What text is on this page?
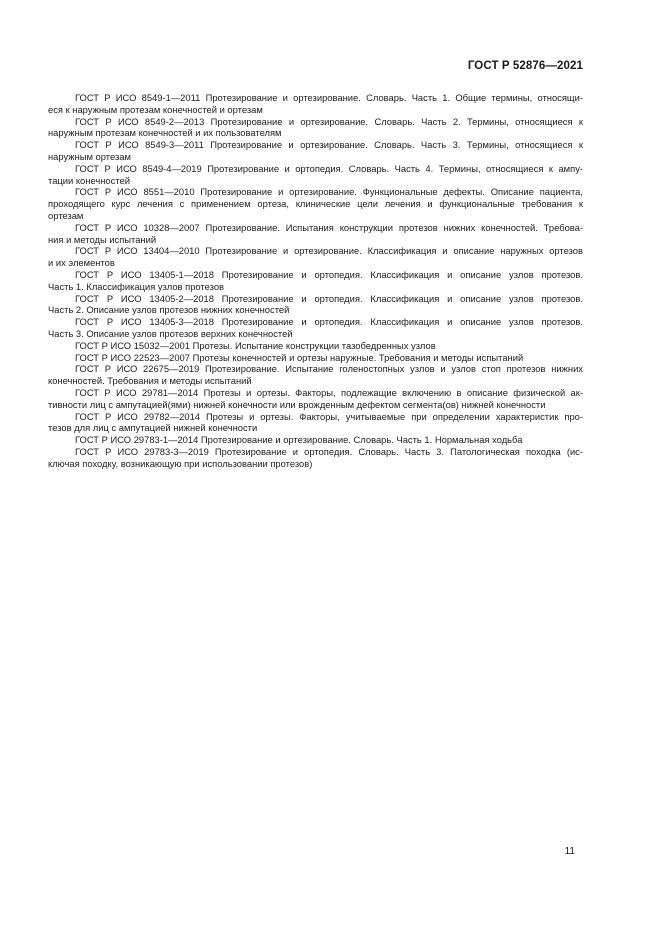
ГОСТ Р 52876—2021
ГОСТ Р ИСО 8549-1—2011 Протезирование и ортезирование. Словарь. Часть 1. Общие термины, относящи-
еся к наружным протезам конечностей и ортезам
ГОСТ Р ИСО 8549-2—2013 Протезирование и ортезирование. Словарь. Часть 2. Термины, относящиеся к
наружным протезам конечностей и их пользователям
ГОСТ Р ИСО 8549-3—2011 Протезирование и ортезирование. Словарь. Часть 3. Термины, относящиеся к
наружным ортезам
ГОСТ Р ИСО 8549-4—2019 Протезирование и ортопедия. Словарь. Часть 4. Термины, относящиеся к ампу-
тации конечностей
ГОСТ Р ИСО 8551—2010 Протезирование и ортезирование. Функциональные дефекты. Описание пациента,
проходящего курс лечения с применением ортеза, клинические цели лечения и функциональные требования к
ортезам
ГОСТ Р ИСО 10328—2007 Протезирование. Испытания конструкции протезов нижних конечностей. Требова-
ния и методы испытаний
ГОСТ Р ИСО 13404—2010 Протезирование и ортезирование. Классификация и описание наружных ортезов
и их элементов
ГОСТ Р ИСО 13405-1—2018 Протезирование и ортопедия. Классификация и описание узлов протезов.
Часть 1. Классификация узлов протезов
ГОСТ Р ИСО 13405-2—2018 Протезирование и ортопедия. Классификация и описание узлов протезов.
Часть 2. Описание узлов протезов нижних конечностей
ГОСТ Р ИСО 13405-3—2018 Протезирование и ортопедия. Классификация и описание узлов протезов.
Часть 3. Описание узлов протезов верхних конечностей
ГОСТ Р ИСО 15032—2001 Протезы. Испытание конструкции тазобедренных узлов
ГОСТ Р ИСО 22523—2007 Протезы конечностей и ортезы наружные. Требования и методы испытаний
ГОСТ Р ИСО 22675—2019 Протезирование. Испытание голеностопных узлов и узлов стоп протезов нижних
конечностей. Требования и методы испытаний
ГОСТ Р ИСО 29781—2014 Протезы и ортезы. Факторы, подлежащие включению в описание физической ак-
тивности лиц с ампутацией(ями) нижней конечности или врожденным дефектом сегмента(ов) нижней конечности
ГОСТ Р ИСО 29782—2014 Протезы и ортезы. Факторы, учитываемые при определении характеристик про-
тезов для лиц с ампутацией нижней конечности
ГОСТ Р ИСО 29783-1—2014 Протезирование и ортезирование. Словарь. Часть 1. Нормальная ходьба
ГОСТ Р ИСО 29783-3—2019 Протезирование и ортопедия. Словарь. Часть 3. Патологическая походка (ис-
ключая походку, возникающую при использовании протезов)
11
